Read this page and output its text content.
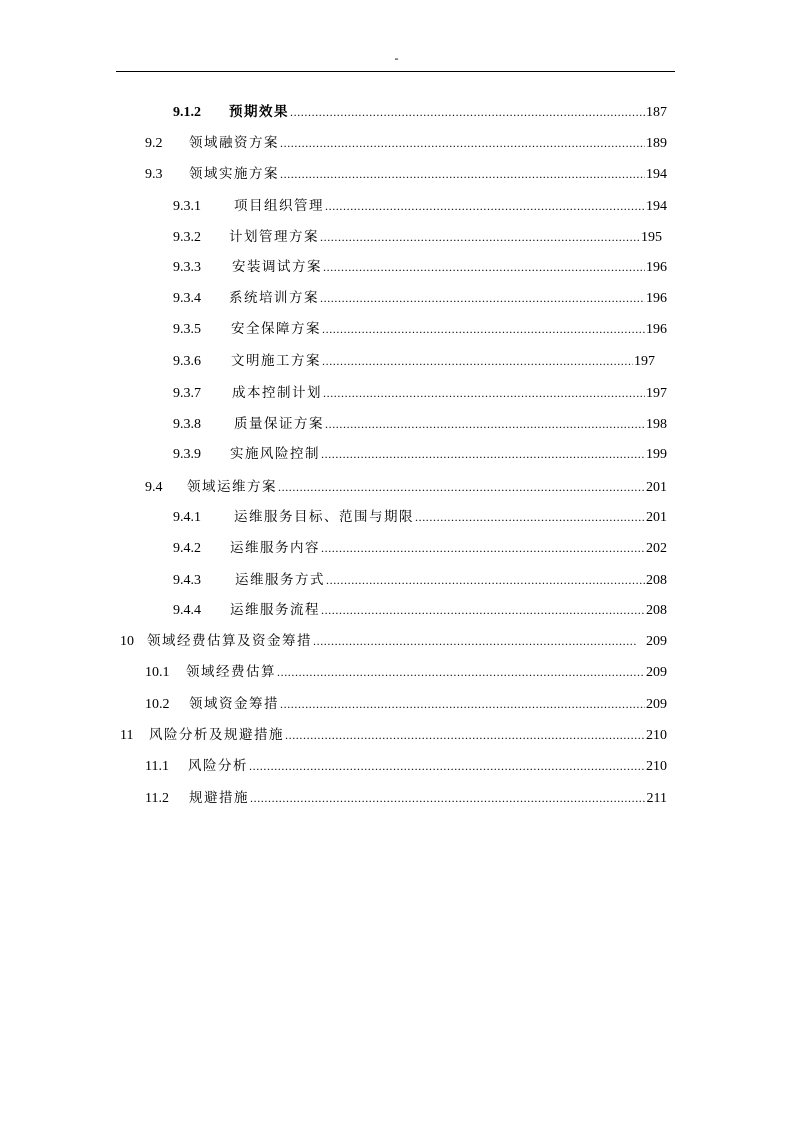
-
9.1.2	预期效果 .....	187
9.2	领域融资方案 .....	189
9.3	领域实施方案 .....	194
9.3.1	项目组织管理 .....	194
9.3.2	计划管理方案 .....	195
9.3.3	安装调试方案 .....	196
9.3.4	系统培训方案 .....	196
9.3.5	安全保障方案 .....	196
9.3.6	文明施工方案 .....	197
9.3.7	成本控制计划 .....	197
9.3.8	质量保证方案 .....	198
9.3.9	实施风险控制 .....	199
9.4	领域运维方案 .....	201
9.4.1	运维服务目标、范围与期限 .....	201
9.4.2	运维服务内容 .....	202
9.4.3	运维服务方式 .....	208
9.4.4	运维服务流程 .....	208
10 领域经费估算及资金筹措 .....	209
10.1	领域经费估算 .....	209
10.2	领域资金筹措 .....	209
11	风险分析及规避措施 .....	210
11.1	风险分析 .....	210
11.2	规避措施 .....	211
